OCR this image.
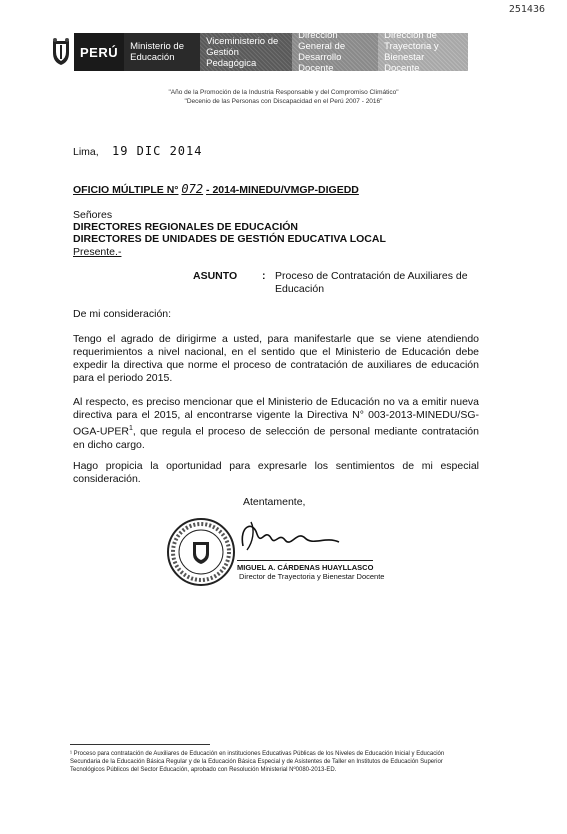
251436
PERÚ	Ministerio de Educación
Viceministerio de Gestión Pedagógica
Dirección General de Desarrollo Docente
Dirección de Trayectoria y Bienestar Docente
"Año de la Promoción de la Industria Responsable y del Compromiso Climático"
"Decenio de las Personas con Discapacidad en el Perú 2007 - 2016"
Lima, 19 DIC 2014
OFICIO MÚLTIPLE N° 072 - 2014-MINEDU/VMGP-DIGEDD
Señores
DIRECTORES REGIONALES DE EDUCACIÓN
DIRECTORES DE UNIDADES DE GESTIÓN EDUCATIVA LOCAL
Presente.-
ASUNTO : Proceso de Contratación de Auxiliares de Educación
De mi consideración:
Tengo el agrado de dirigirme a usted, para manifestarle que se viene atendiendo requerimientos a nivel nacional, en el sentido que el Ministerio de Educación debe expedir la directiva que norme el proceso de contratación de auxiliares de educación para el periodo 2015.
Al respecto, es preciso mencionar que el Ministerio de Educación no va a emitir nueva directiva para el 2015, al encontrarse vigente la Directiva N° 003-2013-MINEDU/SG-OGA-UPER$^1$, que regula el proceso de selección de personal mediante contratación en dicho cargo.
Hago propicia la oportunidad para expresarle los sentimientos de mi especial consideración.
Atentamente,
MIGUEL A. CÁRDENAS HUAYLLASCO
Director de Trayectoria y Bienestar Docente
¹ Proceso para contratación de Auxiliares de Educación en instituciones Educativas Públicas de los Niveles de Educación Inicial y Educación Secundaria de la Educación Básica Regular y de la Educación Básica Especial y de Asistentes de Taller en Institutos de Educación Superior Tecnológicos Públicos del Sector Educación, aprobado con Resolución Ministerial Nº0080-2013-ED.
